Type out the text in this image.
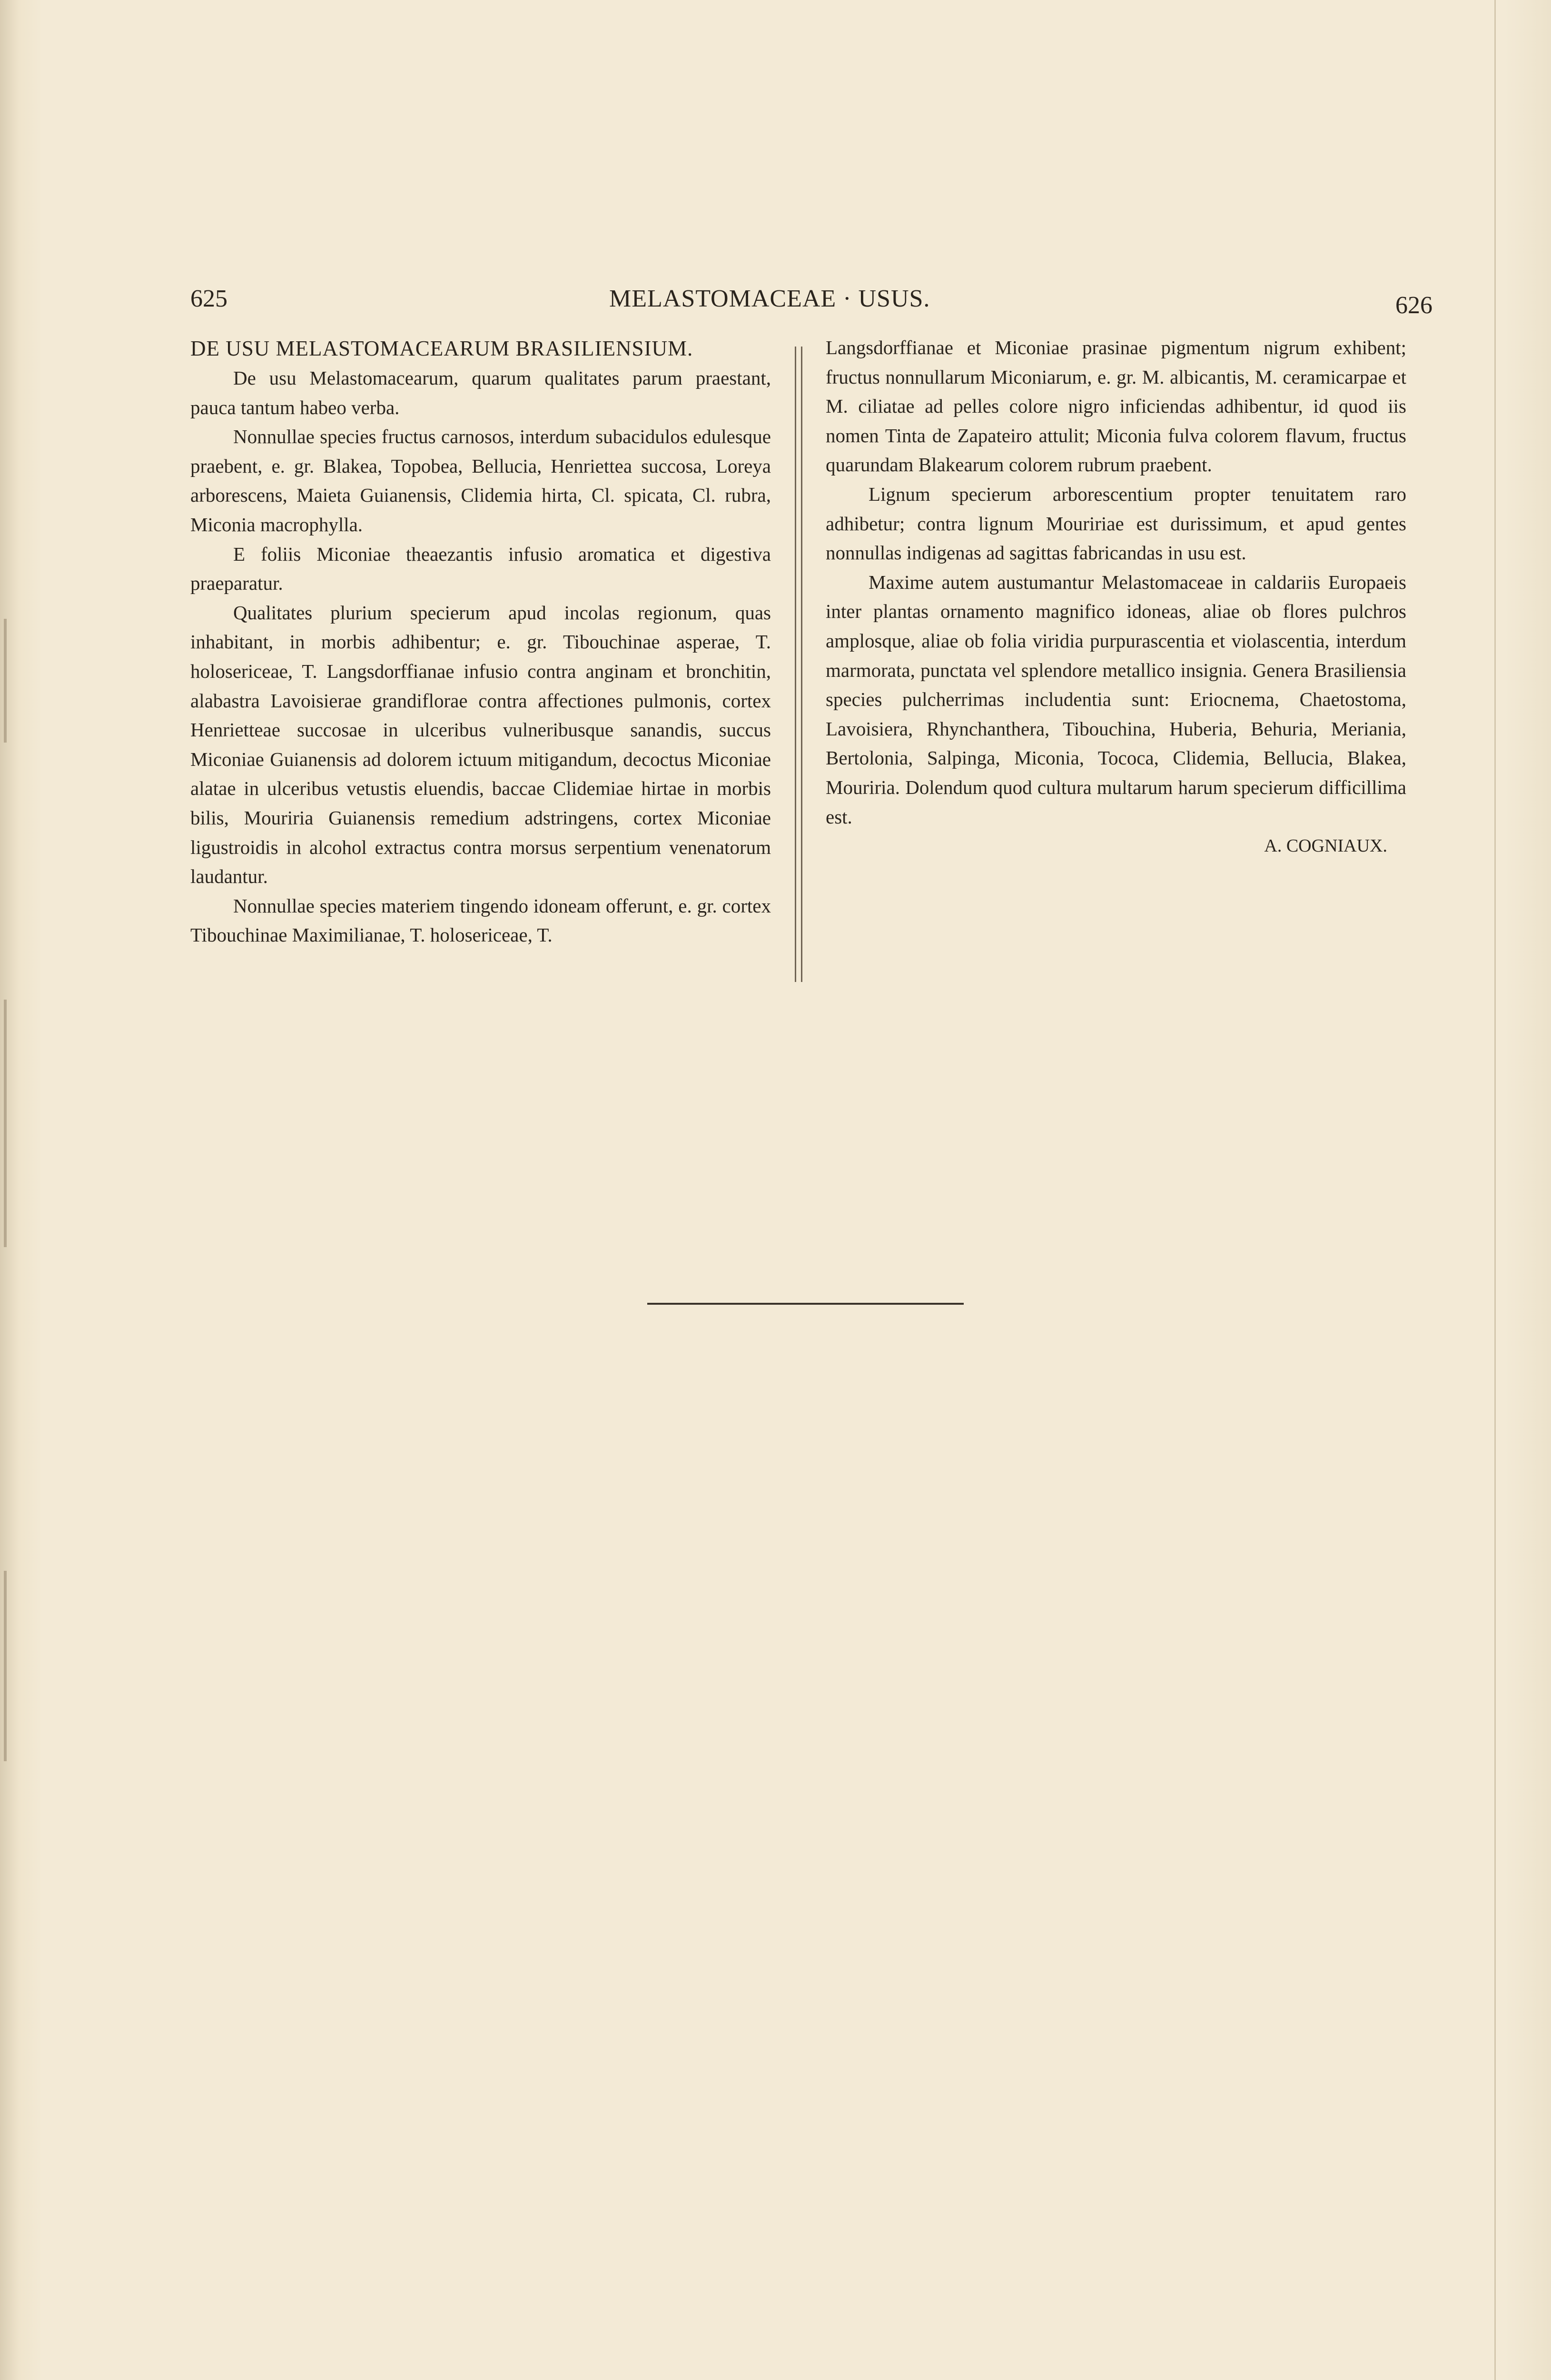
625	MELASTOMACEAE · USUS.	626

DE USU MELASTOMACEARUM BRASILIENSIUM.

De usu Melastomacearum, quarum qualitates parum praestant, pauca tantum habeo verba.

Nonnullae species fructus carnosos, interdum subacidulos edulesque praebent, e. gr. Blakea, Topobea, Bellucia, Henriettea succosa, Loreya arborescens, Maieta Guianensis, Clidemia hirta, Cl. spicata, Cl. rubra, Miconia macrophylla.

E foliis Miconiae theaezantis infusio aromatica et digestiva praeparatur.

Qualitates plurium specierum apud incolas regionum, quas inhabitant, in morbis adhibentur; e. gr. Tibouchinae asperae, T. holosericeae, T. Langsdorffianae infusio contra anginam et bronchitin, alabastra Lavoisierae grandiflorae contra affectiones pulmonis, cortex Henrietteae succosae in ulceribus vulneribusque sanandis, succus Miconiae Guianensis ad dolorem ictuum mitigandum, decoctus Miconiae alatae in ulceribus vetustis eluendis, baccae Clidemiae hirtae in morbis bilis, Mouriria Guianensis remedium adstringens, cortex Miconiae ligustroidis in alcohol extractus contra morsus serpentium venenatorum laudantur.

Nonnullae species materiem tingendo idoneam offerunt, e. gr. cortex Tibouchinae Maximilianae, T. holosericeae, T.

Langsdorffianae et Miconiae prasinae pigmentum nigrum exhibent; fructus nonnullarum Miconiarum, e. gr. M. albicantis, M. ceramicarpae et M. ciliatae ad pelles colore nigro inficiendas adhibentur, id quod iis nomen Tinta de Zapateiro attulit; Miconia fulva colorem flavum, fructus quarundam Blakearum colorem rubrum praebent.

Lignum specierum arborescentium propter tenuitatem raro adhibetur; contra lignum Mouririae est durissimum, et apud gentes nonnullas indigenas ad sagittas fabricandas in usu est.

Maxime autem austumantur Melastomaceae in caldariis Europaeis inter plantas ornamento magnifico idoneas, aliae ob flores pulchros amplosque, aliae ob folia viridia purpurascentia et violascentia, interdum marmorata, punctata vel splendore metallico insignia. Genera Brasiliensia species pulcherrimas includentia sunt: Eriocnema, Chaetostoma, Lavoisiera, Rhynchanthera, Tibouchina, Huberia, Behuria, Meriania, Bertolonia, Salpinga, Miconia, Tococa, Clidemia, Bellucia, Blakea, Mouriria. Dolendum quod cultura multarum harum specierum difficillima est.

A. COGNIAUX.
